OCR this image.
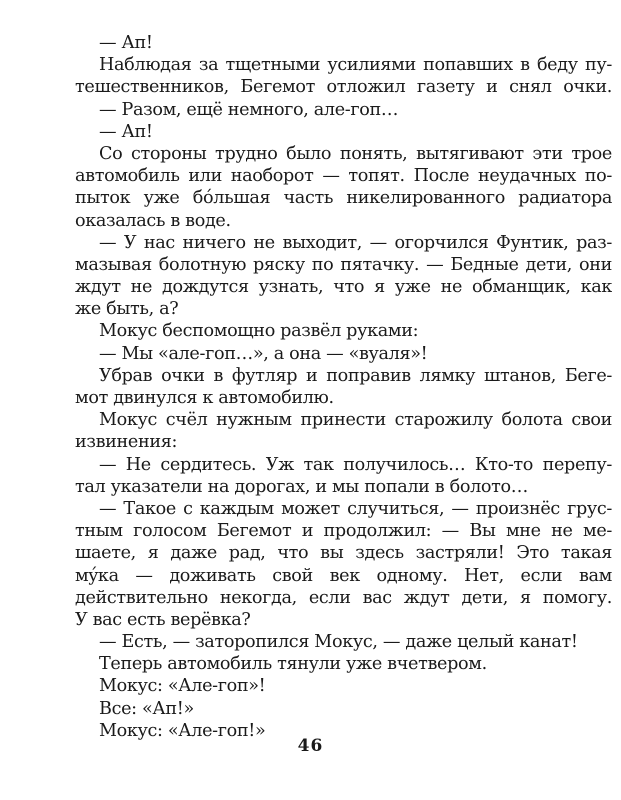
— Ап!
Наблюдая за тщетными усилиями попавших в беду пу-
тешественников, Бегемот отложил газету и снял очки.
— Разом, ещё немного, але-гоп…
— Ап!
Со стороны трудно было понять, вытягивают эти трое
автомобиль или наоборот — топят. После неудачных по-
пыток уже бóльшая часть никелированного радиатора
оказалась в воде.
— У нас ничего не выходит, — огорчился Фунтик, раз-
мазывая болотную ряску по пятачку. — Бедные дети, они
ждут не дождутся узнать, что я уже не обманщик, как
же быть, а?
Мокус беспомощно развёл руками:
— Мы «але-гоп…», а она — «вуаля»!
Убрав очки в футляр и поправив лямку штанов, Беге-
мот двинулся к автомобилю.
Мокус счёл нужным принести старожилу болота свои
извинения:
— Не сердитесь. Уж так получилось… Кто-то перепу-
тал указатели на дорогах, и мы попали в болото…
— Такое с каждым может случиться, — произнёс грус-
тным голосом Бегемот и продолжил: — Вы мне не ме-
шаете, я даже рад, что вы здесь застряли! Это такая
мýка — доживать свой век одному. Нет, если вам
действительно некогда, если вас ждут дети, я помогу.
У вас есть верёвка?
— Есть, — заторопился Мокус, — даже целый канат!
Теперь автомобиль тянули уже вчетвером.
Мокус: «Але-гоп»!
Все: «Ап!»
Мокус: «Але-гоп!»
46
